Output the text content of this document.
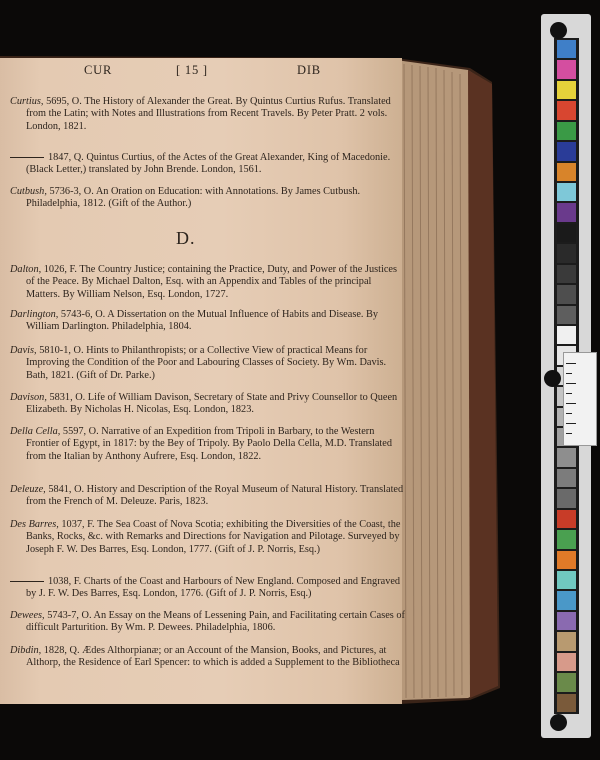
CUR	[ 15 ]	DIB

Curtius, 5695, O. The History of Alexander the Great. By Quintus Curtius Rufus. Translated from the Latin; with Notes and Illustrations from Recent Travels. By Peter Pratt. 2 vols. London, 1821.

1847, Q. Quintus Curtius, of the Actes of the Great Alexander, King of Macedonie. (Black Letter,) translated by John Brende. London, 1561.

Cutbush, 5736-3, O. An Oration on Education: with Annotations. By James Cutbush. Philadelphia, 1812. (Gift of the Author.)

D.

Dalton, 1026, F. The Country Justice; containing the Practice, Duty, and Power of the Justices of the Peace. By Michael Dalton, Esq. with an Appendix and Tables of the principal Matters. By William Nelson, Esq. London, 1727.

Darlington, 5743-6, O. A Dissertation on the Mutual Influence of Habits and Disease. By William Darlington. Philadelphia, 1804.

Davis, 5810-1, O. Hints to Philanthropists; or a Collective View of practical Means for Improving the Condition of the Poor and Labouring Classes of Society. By Wm. Davis. Bath, 1821. (Gift of Dr. Parke.)

Davison, 5831, O. Life of William Davison, Secretary of State and Privy Counsellor to Queen Elizabeth. By Nicholas H. Nicolas, Esq. London, 1823.

Della Cella, 5597, O. Narrative of an Expedition from Tripoli in Barbary, to the Western Frontier of Egypt, in 1817: by the Bey of Tripoly. By Paolo Della Cella, M.D. Translated from the Italian by Anthony Aufrere, Esq. London, 1822.

Deleuze, 5841, O. History and Description of the Royal Museum of Natural History. Translated from the French of M. Deleuze. Paris, 1823.

Des Barres, 1037, F. The Sea Coast of Nova Scotia; exhibiting the Diversities of the Coast, the Banks, Rocks, &c. with Remarks and Directions for Navigation and Pilotage. Surveyed by Joseph F. W. Des Barres, Esq. London, 1777. (Gift of J. P. Norris, Esq.)

1038, F. Charts of the Coast and Harbours of New England. Composed and Engraved by J. F. W. Des Barres, Esq. London, 1776. (Gift of J. P. Norris, Esq.)

Dewees, 5743-7, O. An Essay on the Means of Lessening Pain, and Facilitating certain Cases of difficult Parturition. By Wm. P. Dewees. Philadelphia, 1806.

Dibdin, 1828, Q. Ædes Althorpianæ; or an Account of the Mansion, Books, and Pictures, at Althorp, the Residence of Earl Spencer: to which is added a Supplement to the Bibliotheca
